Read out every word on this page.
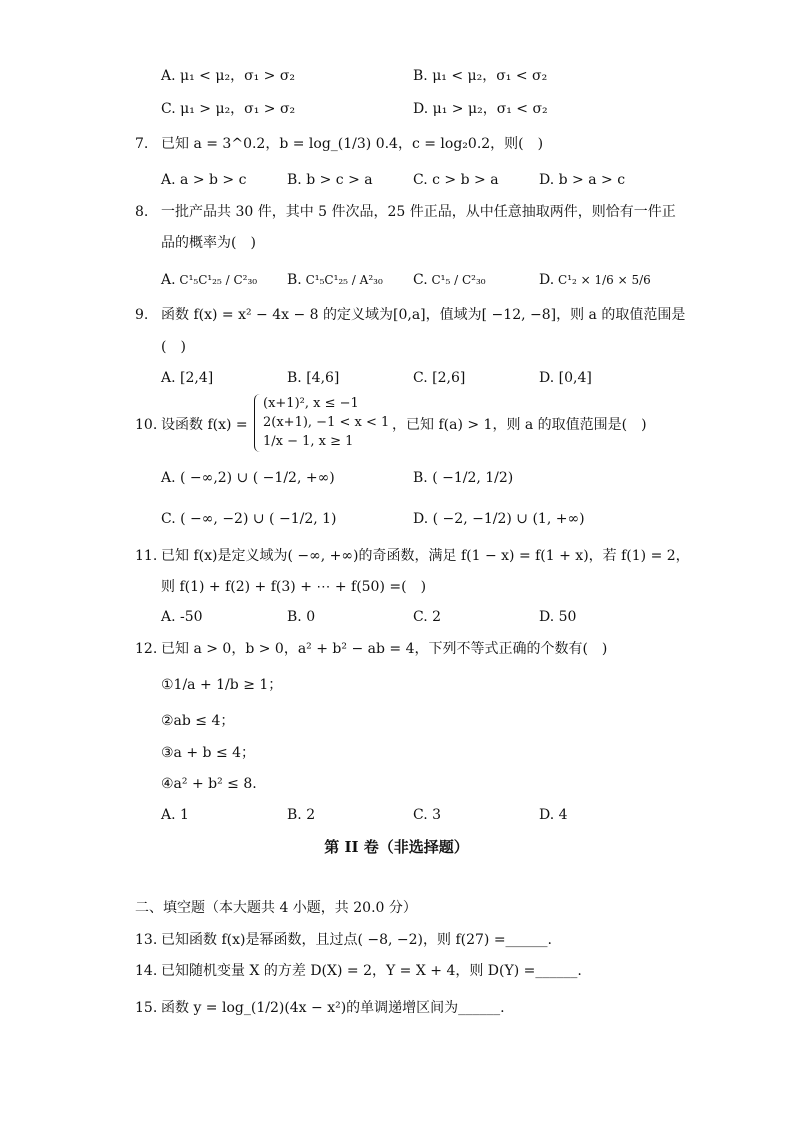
A. μ₁ < μ₂，σ₁ > σ₂	B. μ₁ < μ₂，σ₁ < σ₂
C. μ₁ > μ₂，σ₁ > σ₂	D. μ₁ > μ₂，σ₁ < σ₂
7. 已知 a = 3^0.2，b = log_(1/3) 0.4，c = log₂0.2，则(　)
A. a > b > c	B. b > c > a	C. c > b > a	D. b > a > c
8. 一批产品共 30 件，其中 5 件次品，25 件正品，从中任意抽取两件，则恰有一件正
品的概率为(　)
A. C¹₅C¹₂₅ / C²₃₀ B. C¹₅C¹₂₅ / A²₃₀ C. C¹₅ / C²₃₀	D. C¹₂ × 1/6 × 5/6
9. 函数 f(x) = x² − 4x − 8 的定义域为[0,a]，值域为[ −12, −8]，则 a 的取值范围是
(　)
A. [2,4]	B. [4,6]	C. [2,6]	D. [0,4]
10. 设函数 f(x) =
(x+1)², x ≤ −1
2(x+1), −1 < x < 1
1/x − 1, x ≥ 1
，已知 f(a) > 1，则 a 的取值范围是(　)
A. ( −∞,2) ∪ ( −1/2, +∞)	B. ( −1/2, 1/2)
C. ( −∞, −2) ∪ ( −1/2, 1)	D. ( −2, −1/2) ∪ (1, +∞)
11. 已知 f(x)是定义域为( −∞, +∞)的奇函数，满足 f(1 − x) = f(1 + x)，若 f(1) = 2，
则 f(1) + f(2) + f(3) + ⋯ + f(50) =(　)
A. -50	B. 0	C. 2	D. 50
12. 已知 a > 0，b > 0，a² + b² − ab = 4，下列不等式正确的个数有(　)
①1/a + 1/b ≥ 1；
②ab ≤ 4；
③a + b ≤ 4；
④a² + b² ≤ 8.
A. 1	B. 2	C. 3	D. 4
第 II 卷（非选择题）
二、填空题（本大题共 4 小题，共 20.0 分）
13. 已知函数 f(x)是幂函数，且过点( −8, −2)，则 f(27) =______.
14. 已知随机变量 X 的方差 D(X) = 2，Y = X + 4，则 D(Y) =______.
15. 函数 y = log_(1/2)(4x − x²)的单调递增区间为______.
